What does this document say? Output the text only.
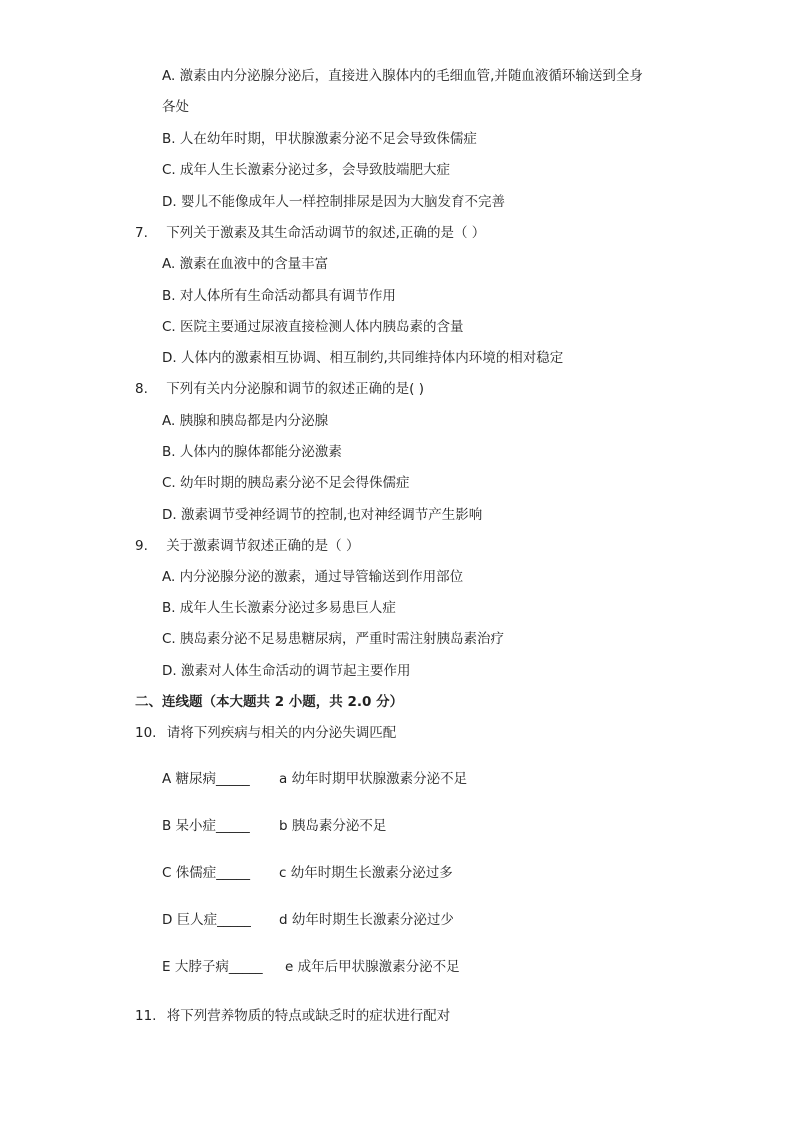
A. 激素由内分泌腺分泌后，直接进入腺体内的毛细血管,并随血液循环输送到全身
各处
B. 人在幼年时期，甲状腺激素分泌不足会导致侏儒症
C. 成年人生长激素分泌过多，会导致肢端肥大症
D. 婴儿不能像成年人一样控制排尿是因为大脑发育不完善
7. 下列关于激素及其生命活动调节的叙述,正确的是（ ）
A. 激素在血液中的含量丰富
B. 对人体所有生命活动都具有调节作用
C. 医院主要通过尿液直接检测人体内胰岛素的含量
D. 人体内的激素相互协调、相互制约,共同维持体内环境的相对稳定
8. 下列有关内分泌腺和调节的叙述正确的是( )
A. 胰腺和胰岛都是内分泌腺
B. 人体内的腺体都能分泌激素
C. 幼年时期的胰岛素分泌不足会得侏儒症
D. 激素调节受神经调节的控制,也对神经调节产生影响
9. 关于激素调节叙述正确的是（ ）
A. 内分泌腺分泌的激素，通过导管输送到作用部位
B. 成年人生长激素分泌过多易患巨人症
C. 胰岛素分泌不足易患糖尿病，严重时需注射胰岛素治疗
D. 激素对人体生命活动的调节起主要作用
二、连线题（本大题共 2 小题，共 2.0 分）
10. 请将下列疾病与相关的内分泌失调匹配
A 糖尿病_____ a 幼年时期甲状腺激素分泌不足
B 呆小症_____ b 胰岛素分泌不足
C 侏儒症_____ c 幼年时期生长激素分泌过多
D 巨人症_____ d 幼年时期生长激素分泌过少
E 大脖子病_____ e 成年后甲状腺激素分泌不足
11. 将下列营养物质的特点或缺乏时的症状进行配对
